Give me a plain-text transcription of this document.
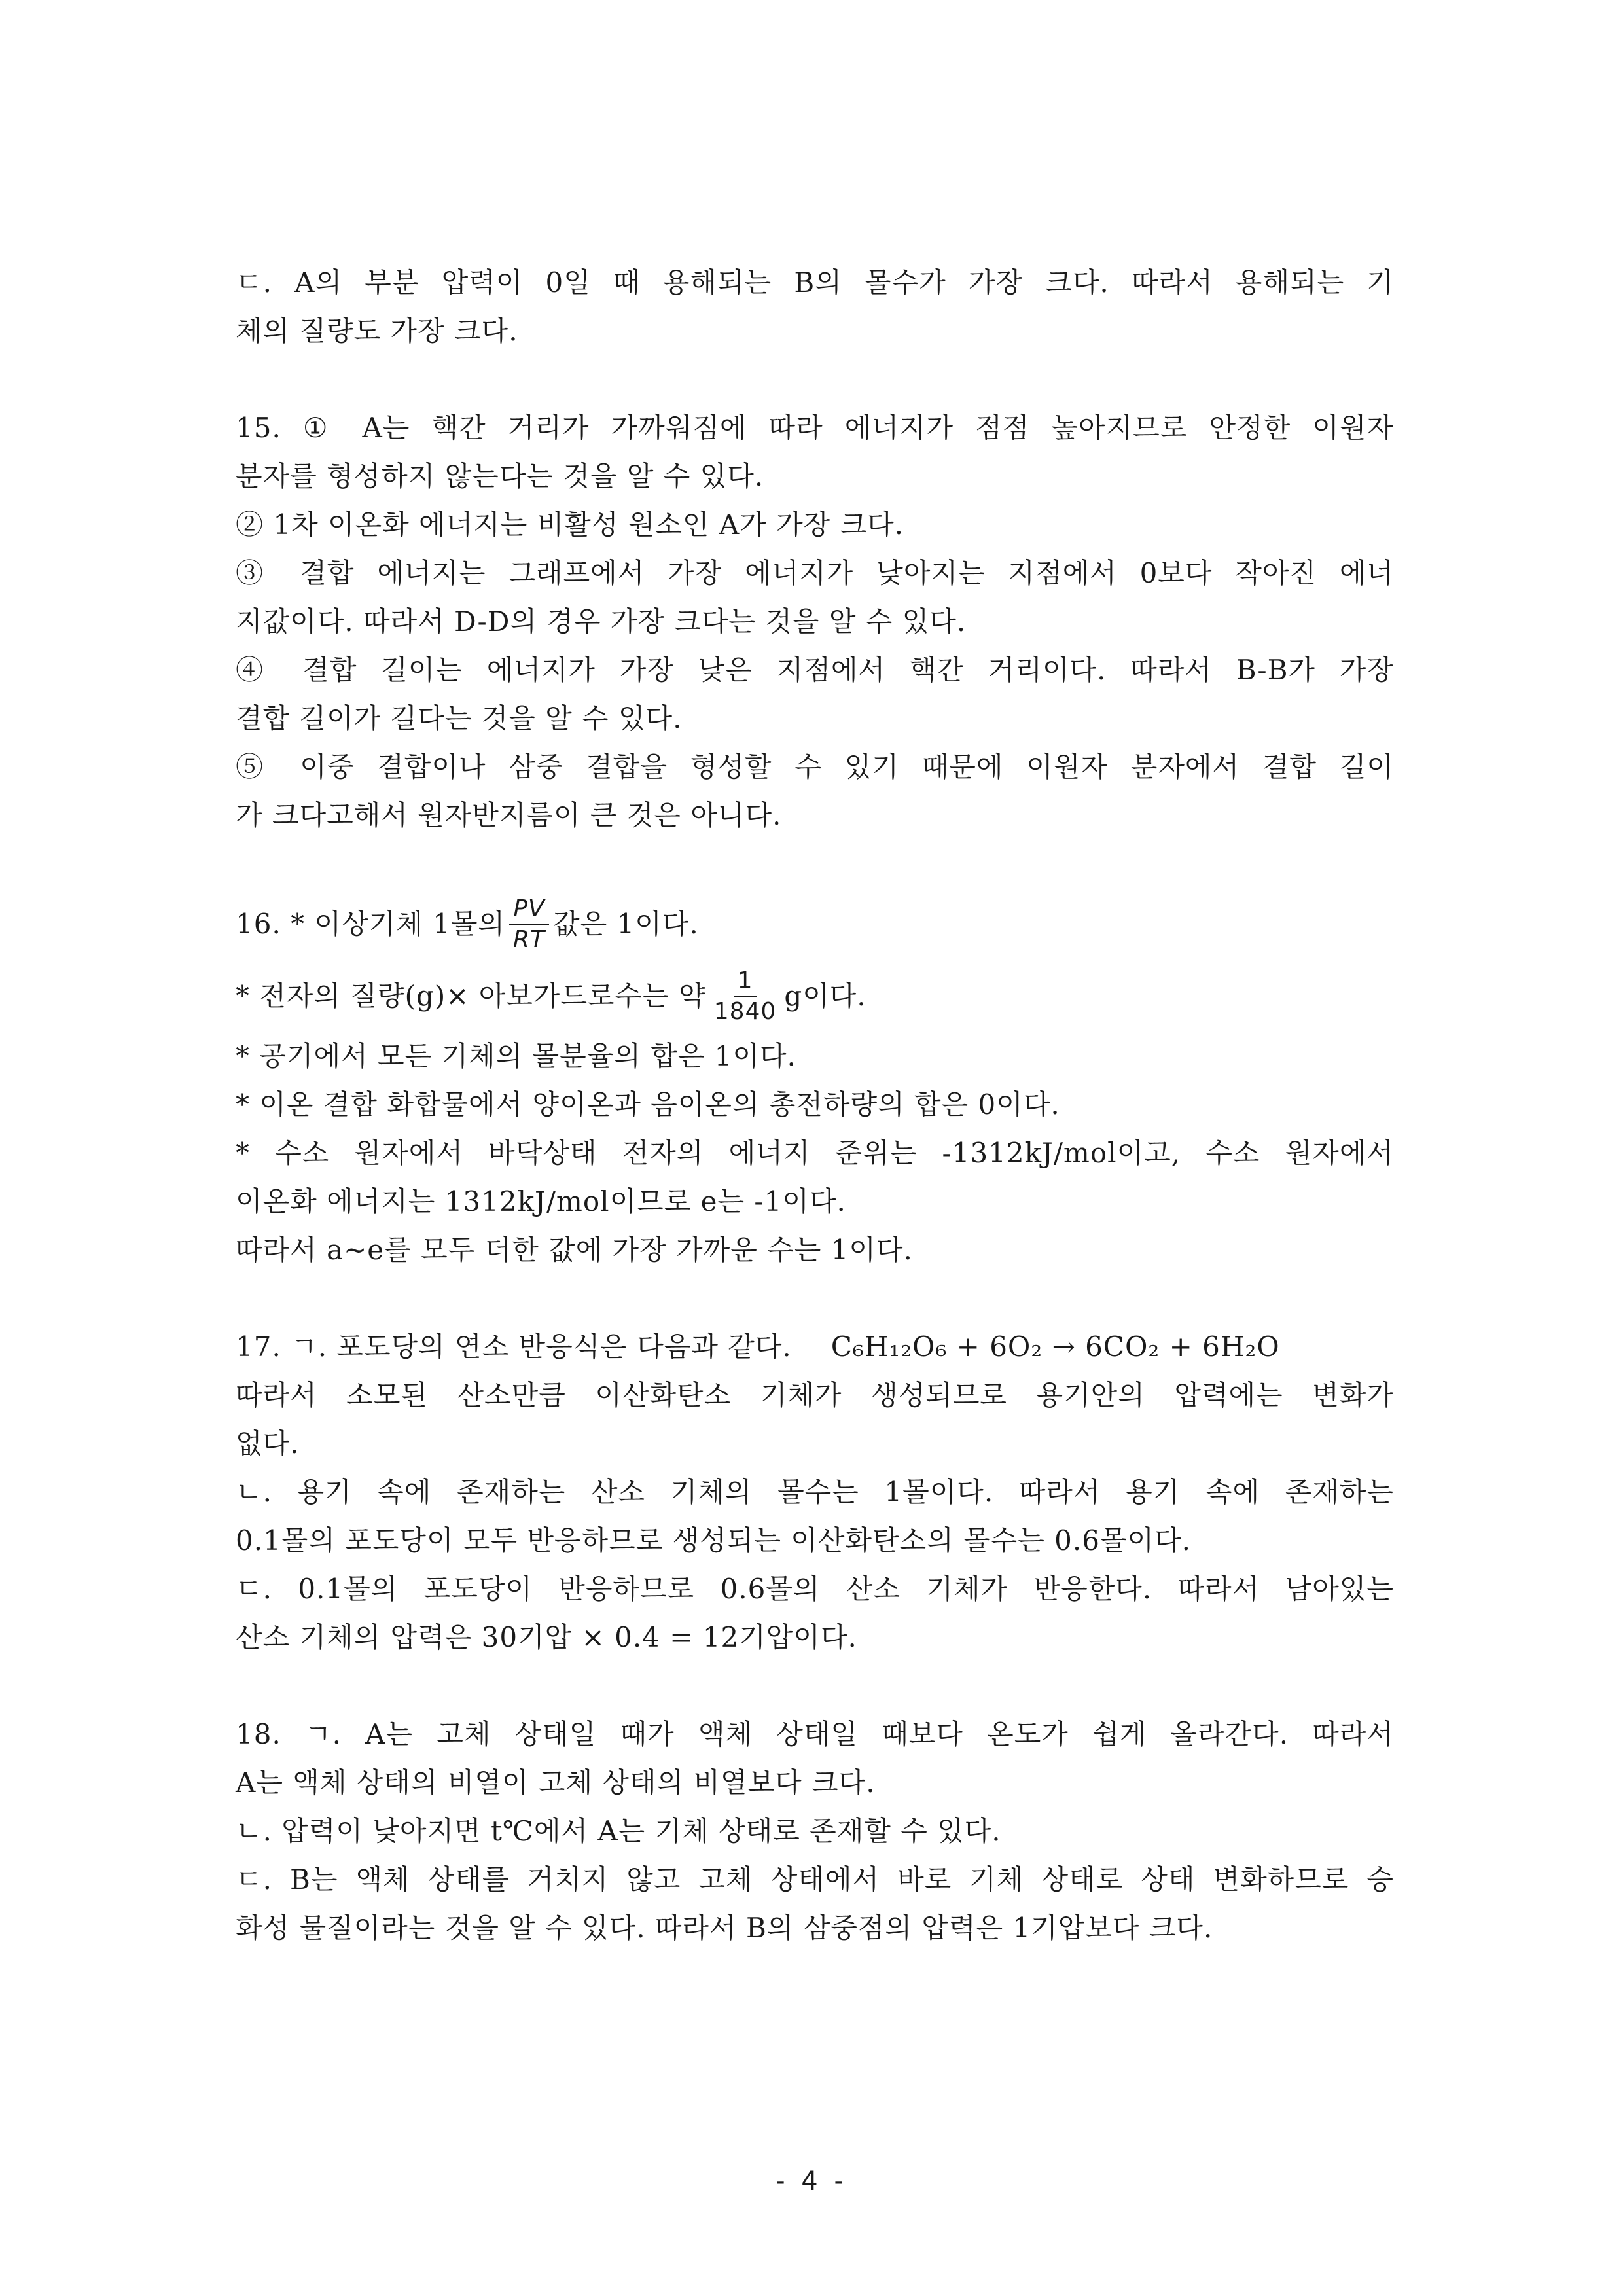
ㄷ. A의 부분 압력이 0일 때 용해되는 B의 몰수가 가장 크다. 따라서 용해되는 기
체의 질량도 가장 크다.
15. ① A는 핵간 거리가 가까워짐에 따라 에너지가 점점 높아지므로 안정한 이원자
분자를 형성하지 않는다는 것을 알 수 있다.
② 1차 이온화 에너지는 비활성 원소인 A가 가장 크다.
③ 결합 에너지는 그래프에서 가장 에너지가 낮아지는 지점에서 0보다 작아진 에너
지값이다. 따라서 D-D의 경우 가장 크다는 것을 알 수 있다.
④ 결합 길이는 에너지가 가장 낮은 지점에서 핵간 거리이다. 따라서 B-B가 가장
결합 길이가 길다는 것을 알 수 있다.
⑤ 이중 결합이나 삼중 결합을 형성할 수 있기 때문에 이원자 분자에서 결합 길이
가 크다고해서 원자반지름이 큰 것은 아니다.
16. * 이상기체 1몰의 $\frac{PV}{RT}$ 값은 1이다.
* 전자의 질량(g)× 아보가드로수는 약 $\frac{1}{1840}$ g이다.
* 공기에서 모든 기체의 몰분율의 합은 1이다.
* 이온 결합 화합물에서 양이온과 음이온의 총전하량의 합은 0이다.
* 수소 원자에서 바닥상태 전자의 에너지 준위는 -1312kJ/mol이고, 수소 원자에서
이온화 에너지는 1312kJ/mol이므로 e는 -1이다.
따라서 a~e를 모두 더한 값에 가장 가까운 수는 1이다.
17. ㄱ. 포도당의 연소 반응식은 다음과 같다. C₆H₁₂O₆ + 6O₂ → 6CO₂ + 6H₂O
따라서 소모된 산소만큼 이산화탄소 기체가 생성되므로 용기안의 압력에는 변화가
없다.
ㄴ. 용기 속에 존재하는 산소 기체의 몰수는 1몰이다. 따라서 용기 속에 존재하는
0.1몰의 포도당이 모두 반응하므로 생성되는 이산화탄소의 몰수는 0.6몰이다.
ㄷ. 0.1몰의 포도당이 반응하므로 0.6몰의 산소 기체가 반응한다. 따라서 남아있는
산소 기체의 압력은 30기압 × 0.4 = 12기압이다.
18. ㄱ. A는 고체 상태일 때가 액체 상태일 때보다 온도가 쉽게 올라간다. 따라서
A는 액체 상태의 비열이 고체 상태의 비열보다 크다.
ㄴ. 압력이 낮아지면 t℃에서 A는 기체 상태로 존재할 수 있다.
ㄷ. B는 액체 상태를 거치지 않고 고체 상태에서 바로 기체 상태로 상태 변화하므로 승
화성 물질이라는 것을 알 수 있다. 따라서 B의 삼중점의 압력은 1기압보다 크다.
- 4 -
